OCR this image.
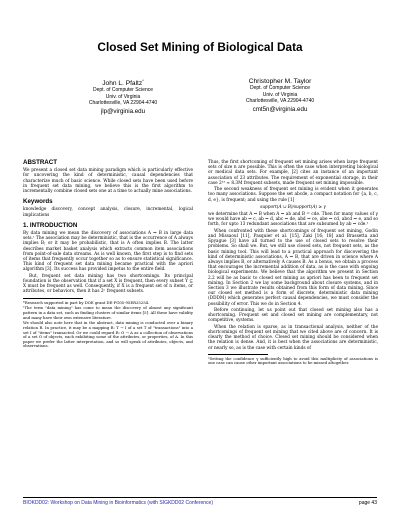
Closed Set Mining of Biological Data
John L. Pfaltz*
Dept. of Computer Science
Univ. of Virginia
Charlottesville, VA 22904-4740
jlp@virginia.edu
Christopher M. Taylor
Dept. of Computer Science
Univ. of Virginia
Charlottesville, VA 22904-4740
cmt5n@virginia.edu
ABSTRACT

We present a closed set data mining paradigm which is particularly effective for uncovering the kind of deterministic, causal dependencies that characterize much of basic science. While closed sets have been used before in frequent set data mining, we believe this is the first algorithm to incrementally combine closed sets one at a time to actually mine associations.

Keywords

knowledge discovery, concept analysis, closure, incremental, logical implications

1. INTRODUCTION

By data mining we mean the discovery of associations A ⇒ B in large data sets.¹ The association may be deterministic, that is the occurrence of A always implies B; or it may be probabilistic, that is A often implies B. The latter describes market basket analysis which extracts common item associations from point-of-sale data streams. As is well known, the first step is to find sets of items that frequently occur together so as to ensure statistical significance. This kind of frequent set data mining became practical with the apriori algorithm [3]. Its success has provided impetus to the entire field.

But, frequent set data mining has two shortcomings. Its principal foundation is the observation that if a set X is frequent, then every subset Y ⊆ X must be frequent as well. Consequently, if X is a frequent set of n items, or attributes, or behaviors, then it has 2ⁿ frequent subsets.

*Research supported in part by DOE grant DE-FG05-95ER25254.

¹The term "data mining" has come to mean the discovery of almost any significant pattern in a data set, such as finding clusters of similar items [5]. All these have validity and many have their own extensive literature.

We should also note here that in the abstract, data mining is conducted over a binary relation R. In practice, it may be a mapping R: T → I of a set T of "transactions" into a set I of "items" transacted. Or we could regard R: O → A as a collection of observations of a set O of objects, each exhibiting some of the attributes, or properties, of A. In this paper we prefer the latter interpretation, and so will speak of attributes, objects, and observations.

Thus, the first shortcoming of frequent set mining arises when large frequent sets of size n are possible. This is often the case when interpreting biological or medical data sets. For example, [2] cites an instance of an important association of 23 attributes. The requirement of exponential storage, in their case 2²³ ≈ 8.3M frequent subsets, made frequent set mining impossible.

The second weakness of frequent set mining is evident when it generates too many associations. Suppose the set abcde, a compact notation for {a, b, c, d, e}, is frequent; and using the rule [1]

support(A ∪ B)/support(A) ≥ γ

we determine that A ⇒ B when A ⇒ ab and B = cde. Then for many values of γ we would have ab ⇒ c, ab ⇒ d, abc ⇒ de, abd ⇒ ce, abe ⇒ cd, abcd ⇒ e, and so forth, for upto 13 redundant associations that are subsumed by ab ⇒ cde.²

When confronted with these shortcomings of frequent set mining, Godin and Missaoul [11], Pasquier et al. [15], Zaki [16; 18] and Brassetta and Spyague [3] have all turned to the use of closed sets to resolve their problems. So shall we. But, we still use closed sets, not frequent sets, as the basic mining tool. This will lead to a practical approach for discovering the kind of deterministic associations, A ⇒ B, that are driven in science where A always implies B, or alternatively A causes B. As a bonus, we obtain a process that encourages the incremental addition of data, as is the case with ongoing biological experiments. We believe that the algorithm we present in Section 2.2 will be as basic to closed set mining as apriori has been to frequent set mining. In Section 2 we lay some background about closure systems, and in Section 3 we illustrate results obtained from this form of data mining. Since our closed set method is a form of discrete, deterministic data mining (DDDM) which generates perfect causal dependencies, we must consider the possibility of error. This we do in Section 4.

Before continuing, let us point out that closed set mining also has a shortcoming. Frequent set and closed set mining are complementary, not competitive, systems.

When the relation is sparse, as in transactional analysis, neither of the shortcomings of frequent set mining that we cited above are of concern. It is clearly the method of choice. Closed set mining should be considered when the relation is dense. And, it is best when the associations are deterministic, or nearly so, as is the case with certain kinds of

²Setting the confidence γ sufficiently high to avoid this multiplicity of associations is one case can cause other important associations to be missed altogether.

BIOKDD02: Workshop on Data Mining in Bioinformatics (with SIGKDD02 Conference)	page 43
